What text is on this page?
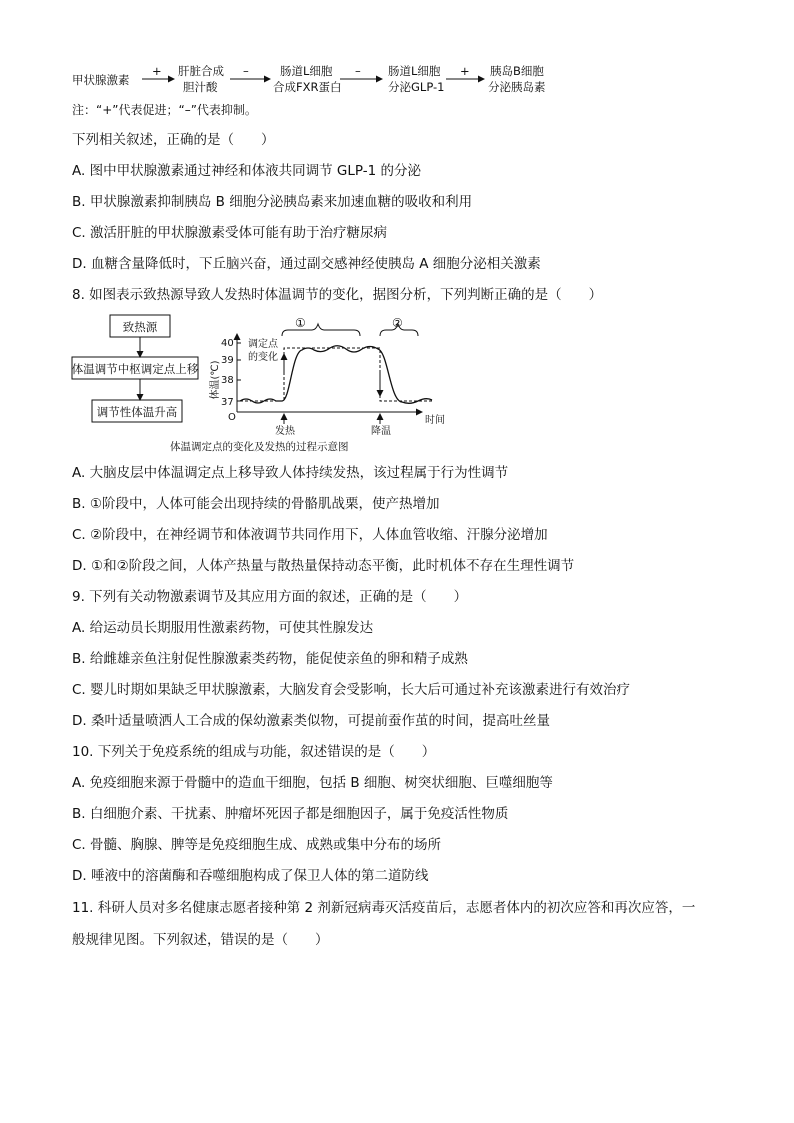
甲状腺激素
+ 肝脏合成
胆汁酸
–	肠道L细胞
合成FXR蛋白
– 肠道L细胞
分泌GLP-1
+ 胰岛B细胞
分泌胰岛素
注：“+”代表促进；“–”代表抑制。
下列相关叙述，正确的是（　　）
A. 图中甲状腺激素通过神经和体液共同调节 GLP-1 的分泌
B. 甲状腺激素抑制胰岛 B 细胞分泌胰岛素来加速血糖的吸收和利用
C. 激活肝脏的甲状腺激素受体可能有助于治疗糖尿病
D. 血糖含量降低时，下丘脑兴奋，通过副交感神经使胰岛 A 细胞分泌相关激素
8. 如图表示致热源导致人发热时体温调节的变化，据图分析，下列判断正确的是（　　）
致热源
体温调节中枢调定点上移
调节性体温升高	O	时间
体温(℃)
40
39
38
37
调定点
的变化
①	②
发热	降温
体温调定点的变化及发热的过程示意图
A. 大脑皮层中体温调定点上移导致人体持续发热，该过程属于行为性调节
B. ①阶段中，人体可能会出现持续的骨骼肌战栗，使产热增加
C. ②阶段中，在神经调节和体液调节共同作用下，人体血管收缩、汗腺分泌增加
D. ①和②阶段之间，人体产热量与散热量保持动态平衡，此时机体不存在生理性调节
9. 下列有关动物激素调节及其应用方面的叙述，正确的是（　　）
A. 给运动员长期服用性激素药物，可使其性腺发达
B. 给雌雄亲鱼注射促性腺激素类药物，能促使亲鱼的卵和精子成熟
C. 婴儿时期如果缺乏甲状腺激素，大脑发育会受影响，长大后可通过补充该激素进行有效治疗
D. 桑叶适量喷洒人工合成的保幼激素类似物，可提前蚕作茧的时间，提高吐丝量
10. 下列关于免疫系统的组成与功能，叙述错误的是（　　）
A. 免疫细胞来源于骨髓中的造血干细胞，包括 B 细胞、树突状细胞、巨噬细胞等
B. 白细胞介素、干扰素、肿瘤坏死因子都是细胞因子，属于免疫活性物质
C. 骨髓、胸腺、脾等是免疫细胞生成、成熟或集中分布的场所
D. 唾液中的溶菌酶和吞噬细胞构成了保卫人体的第二道防线
11. 科研人员对多名健康志愿者接种第 2 剂新冠病毒灭活疫苗后，志愿者体内的初次应答和再次应答，一
般规律见图。下列叙述，错误的是（　　）
